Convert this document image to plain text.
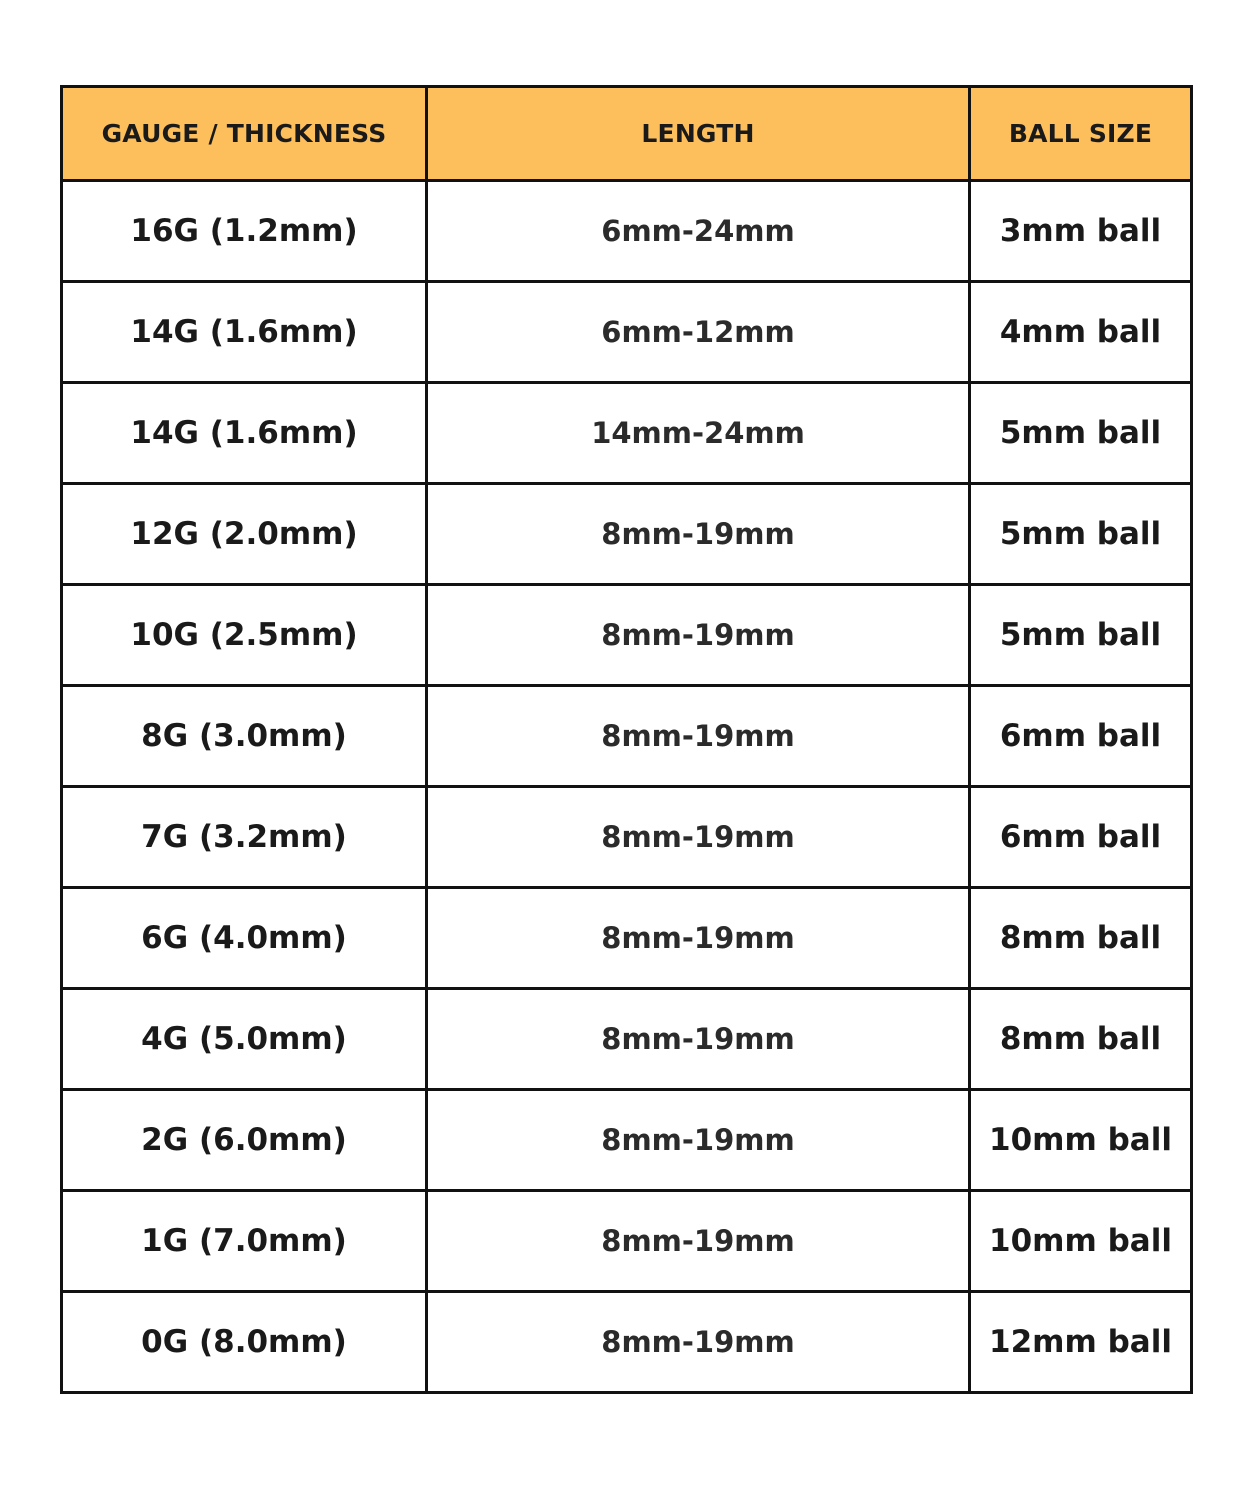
GAUGE / THICKNESS	LENGTH	BALL SIZE
16G (1.2mm)	6mm-24mm	3mm ball
14G (1.6mm)	6mm-12mm	4mm ball
14G (1.6mm)	14mm-24mm	5mm ball
12G (2.0mm)	8mm-19mm	5mm ball
10G (2.5mm)	8mm-19mm	5mm ball
8G (3.0mm)	8mm-19mm	6mm ball
7G (3.2mm)	8mm-19mm	6mm ball
6G (4.0mm)	8mm-19mm	8mm ball
4G (5.0mm)	8mm-19mm	8mm ball
2G (6.0mm)	8mm-19mm	10mm ball
1G (7.0mm)	8mm-19mm	10mm ball
0G (8.0mm)	8mm-19mm	12mm ball
